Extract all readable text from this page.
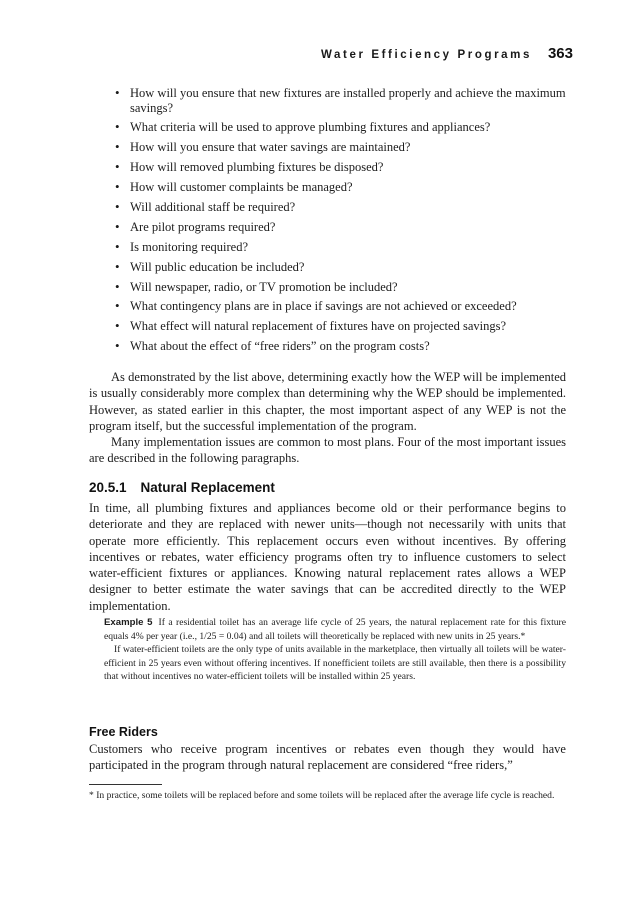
Water Efficiency Programs 363
• How will you ensure that new fixtures are installed properly and achieve the maximum savings?
• What criteria will be used to approve plumbing fixtures and appliances?
• How will you ensure that water savings are maintained?
• How will removed plumbing fixtures be disposed?
• How will customer complaints be managed?
• Will additional staff be required?
• Are pilot programs required?
• Is monitoring required?
• Will public education be included?
• Will newspaper, radio, or TV promotion be included?
• What contingency plans are in place if savings are not achieved or exceeded?
• What effect will natural replacement of fixtures have on projected savings?
• What about the effect of “free riders” on the program costs?

As demonstrated by the list above, determining exactly how the WEP will be implemented is usually considerably more complex than determining why the WEP should be implemented. However, as stated earlier in this chapter, the most important aspect of any WEP is not the program itself, but the successful implementation of the program.

Many implementation issues are common to most plans. Four of the most important issues are described in the following paragraphs.

20.5.1 Natural Replacement

In time, all plumbing fixtures and appliances become old or their performance begins to deteriorate and they are replaced with newer units—though not necessarily with units that operate more efficiently. This replacement occurs even without incentives. By offering incentives or rebates, water efficiency programs often try to influence customers to select water-efficient fixtures or appliances. Knowing natural replacement rates allows a WEP designer to better estimate the water savings that can be accredited directly to the WEP implementation.

Example 5 If a residential toilet has an average life cycle of 25 years, the natural replacement rate for this fixture equals 4% per year (i.e., 1/25 = 0.04) and all toilets will theoretically be replaced with new units in 25 years.*

If water-efficient toilets are the only type of units available in the marketplace, then virtually all toilets will be water-efficient in 25 years even without offering incentives. If nonefficient toilets are still available, then there is a possibility that without incentives no water-efficient toilets will be installed within 25 years.

Free Riders

Customers who receive program incentives or rebates even though they would have participated in the program through natural replacement are considered “free riders,”

* In practice, some toilets will be replaced before and some toilets will be replaced after the average life cycle is reached.
